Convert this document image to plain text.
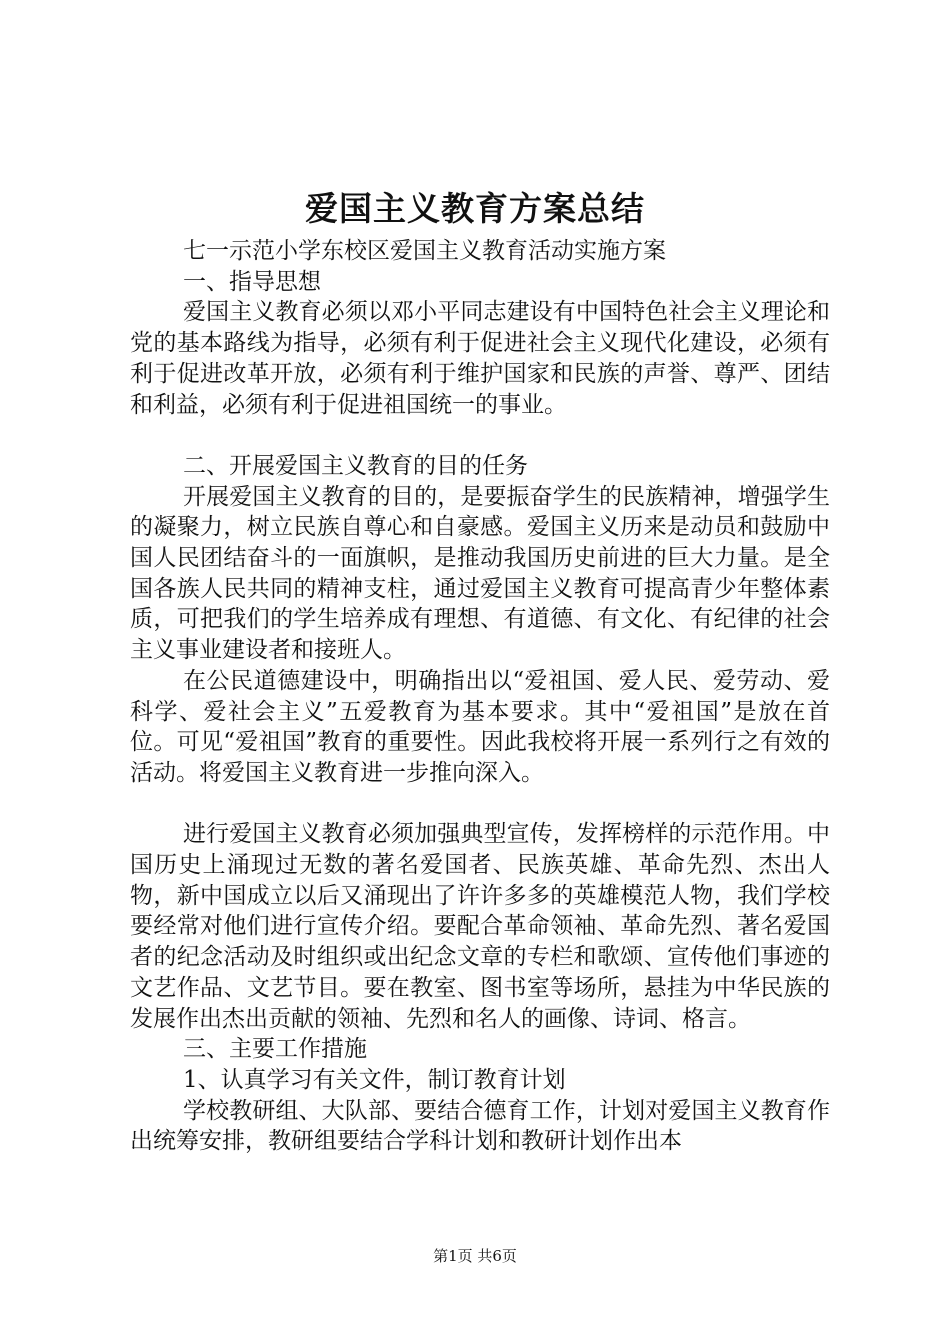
爱国主义教育方案总结

七一示范小学东校区爱国主义教育活动实施方案

一、指导思想

爱国主义教育必须以邓小平同志建设有中国特色社会主义理论和党的基本路线为指导，必须有利于促进社会主义现代化建设，必须有利于促进改革开放，必须有利于维护国家和民族的声誉、尊严、团结和利益，必须有利于促进祖国统一的事业。

二、开展爱国主义教育的目的任务

开展爱国主义教育的目的，是要振奋学生的民族精神，增强学生的凝聚力，树立民族自尊心和自豪感。爱国主义历来是动员和鼓励中国人民团结奋斗的一面旗帜，是推动我国历史前进的巨大力量。是全国各族人民共同的精神支柱，通过爱国主义教育可提高青少年整体素质，可把我们的学生培养成有理想、有道德、有文化、有纪律的社会主义事业建设者和接班人。

在公民道德建设中，明确指出以“爱祖国、爱人民、爱劳动、爱科学、爱社会主义”五爱教育为基本要求。其中“爱祖国”是放在首位。可见“爱祖国”教育的重要性。因此我校将开展一系列行之有效的活动。将爱国主义教育进一步推向深入。

进行爱国主义教育必须加强典型宣传，发挥榜样的示范作用。中国历史上涌现过无数的著名爱国者、民族英雄、革命先烈、杰出人物，新中国成立以后又涌现出了许许多多的英雄模范人物，我们学校要经常对他们进行宣传介绍。要配合革命领袖、革命先烈、著名爱国者的纪念活动及时组织或出纪念文章的专栏和歌颂、宣传他们事迹的文艺作品、文艺节目。要在教室、图书室等场所，悬挂为中华民族的发展作出杰出贡献的领袖、先烈和名人的画像、诗词、格言。

三、主要工作措施

1、认真学习有关文件，制订教育计划

学校教研组、大队部、要结合德育工作，计划对爱国主义教育作出统筹安排，教研组要结合学科计划和教研计划作出本

第1页 共6页
